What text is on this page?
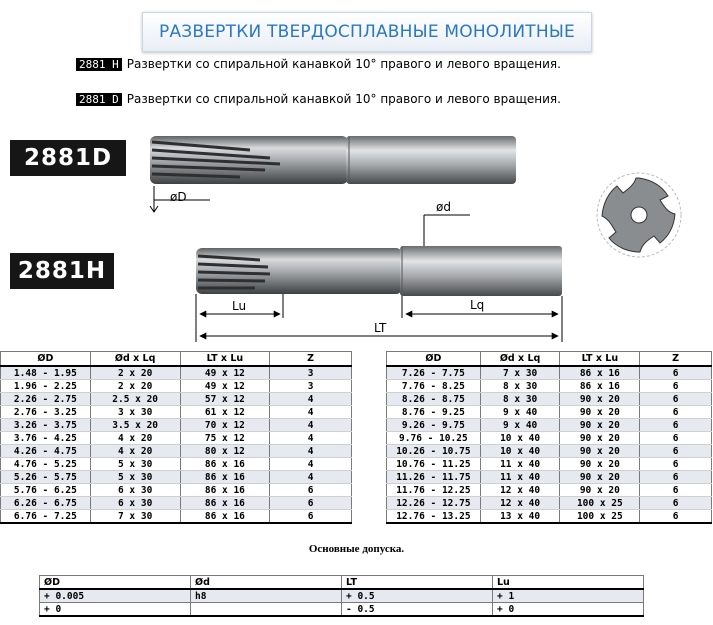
РАЗВЕРТКИ ТВЕРДОСПЛАВНЫЕ МОНОЛИТНЫЕ
2881 H Развертки со спиральной канавкой 10° правого и левого вращения.
2881 D Развертки со спиральной канавкой 10° правого и левого вращения.
2881D
2881H
øD
ød
Lu	Lq
LT
ØD	Ød x Lq	LT x Lu	Z
1.48 - 1.95	2 x 20	49 x 12	3
1.96 - 2.25	2 x 20	49 x 12	3
2.26 - 2.75	2.5 x 20	57 x 12	4
2.76 - 3.25	3 x 30	61 x 12	4
3.26 - 3.75	3.5 x 20	70 x 12	4
3.76 - 4.25	4 x 20	75 x 12	4
4.26 - 4.75	4 x 20	80 x 12	4
4.76 - 5.25	5 x 30	86 x 16	4
5.26 - 5.75	5 x 30	86 x 16	4
5.76 - 6.25	6 x 30	86 x 16	6
6.26 - 6.75	6 x 30	86 x 16	6
6.76 - 7.25	7 x 30	86 x 16	6
ØD	Ød x Lq	LT x Lu	Z
7.26 - 7.75	7 x 30	86 x 16	6
7.76 - 8.25	8 x 30	86 x 16	6
8.26 - 8.75	8 x 30	90 x 20	6
8.76 - 9.25	9 x 40	90 x 20	6
9.26 - 9.75	9 x 40	90 x 20	6
9.76 - 10.25	10 x 40	90 x 20	6
10.26 - 10.75	10 x 40	90 x 20	6
10.76 - 11.25	11 x 40	90 x 20	6
11.26 - 11.75	11 x 40	90 x 20	6
11.76 - 12.25	12 x 40	90 x 20	6
12.26 - 12.75	12 x 40	100 x 25	6
12.76 - 13.25	13 x 40	100 x 25	6
Основные допуска.
ØD	Ød	LT	Lu
+ 0.005	h8	+ 0.5	+ 1
+ 0		- 0.5	+ 0
